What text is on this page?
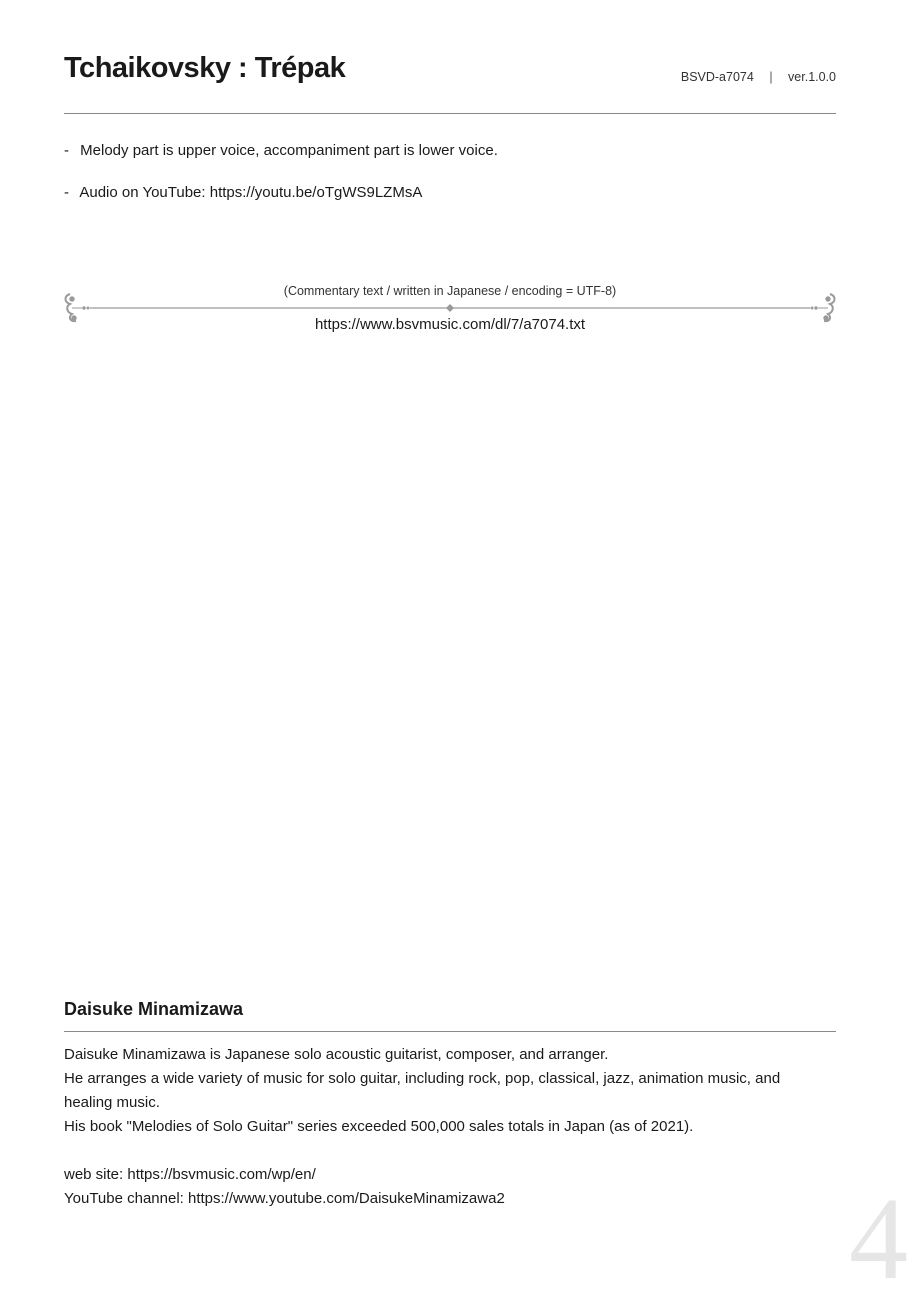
Tchaikovsky : Trépak	BSVD-a7074 | ver.1.0.0
- Melody part is upper voice, accompaniment part is lower voice.
- Audio on YouTube: https://youtu.be/oTgWS9LZMsA
(Commentary text / written in Japanese / encoding = UTF-8)
https://www.bsvmusic.com/dl/7/a7074.txt
Daisuke Minamizawa

Daisuke Minamizawa is Japanese solo acoustic guitarist, composer, and arranger.

He arranges a wide variety of music for solo guitar, including rock, pop, classical, jazz, animation music, and healing music.

His book "Melodies of Solo Guitar" series exceeded 500,000 sales totals in Japan (as of 2021).

web site: https://bsvmusic.com/wp/en/

YouTube channel: https://www.youtube.com/DaisukeMinamizawa2	4
